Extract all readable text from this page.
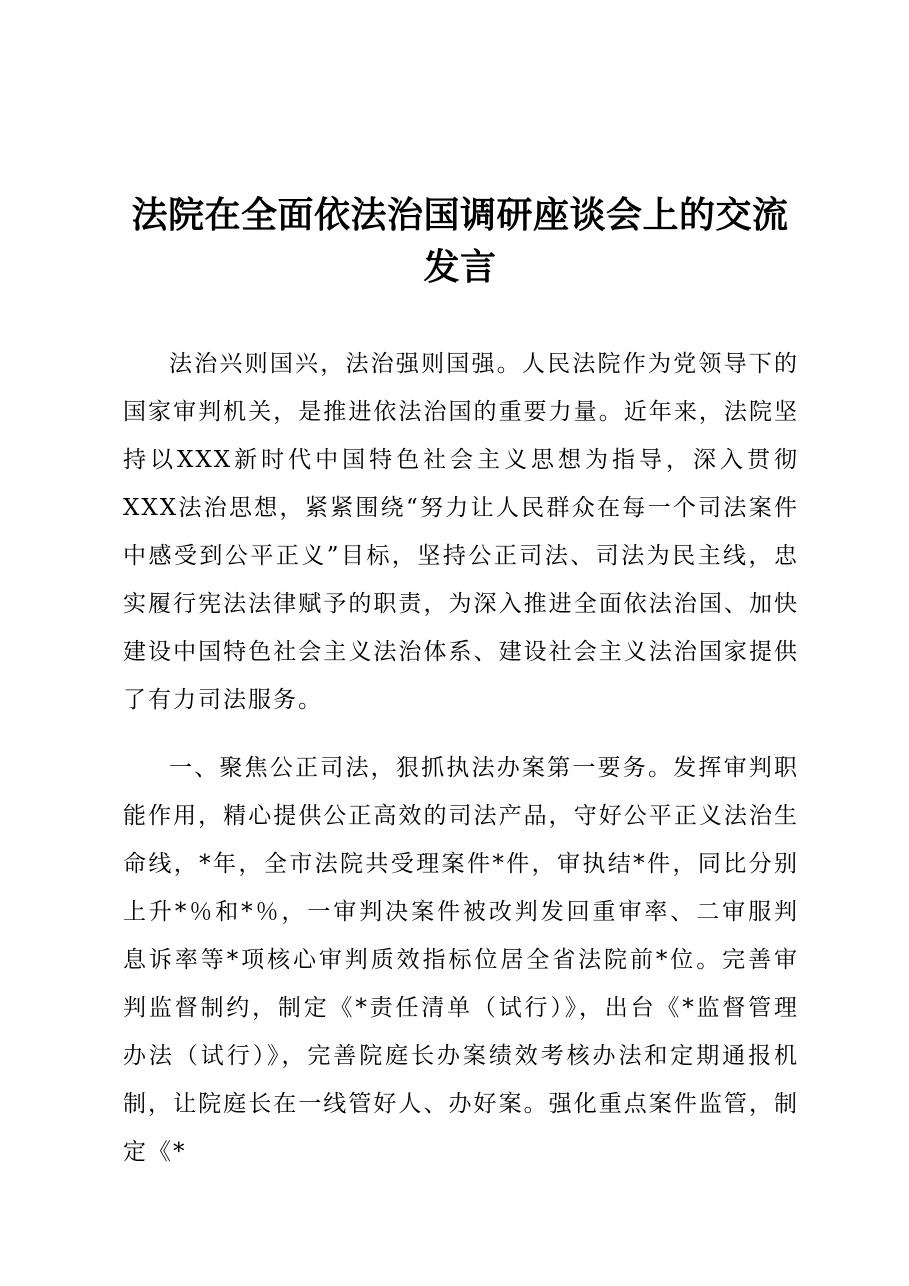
法院在全面依法治国调研座谈会上的交流发言

法治兴则国兴，法治强则国强。人民法院作为党领导下的国家审判机关，是推进依法治国的重要力量。近年来，法院坚持以XXX新时代中国特色社会主义思想为指导，深入贯彻XXX法治思想，紧紧围绕“努力让人民群众在每一个司法案件中感受到公平正义”目标，坚持公正司法、司法为民主线，忠实履行宪法法律赋予的职责，为深入推进全面依法治国、加快建设中国特色社会主义法治体系、建设社会主义法治国家提供了有力司法服务。

一、聚焦公正司法，狠抓执法办案第一要务。发挥审判职能作用，精心提供公正高效的司法产品，守好公平正义法治生命线，*年，全市法院共受理案件*件，审执结*件，同比分别上升*％和*％，一审判决案件被改判发回重审率、二审服判息诉率等*项核心审判质效指标位居全省法院前*位。完善审判监督制约，制定《*责任清单（试行）》，出台《*监督管理办法（试行）》，完善院庭长办案绩效考核办法和定期通报机制，让院庭长在一线管好人、办好案。强化重点案件监管，制定《*
